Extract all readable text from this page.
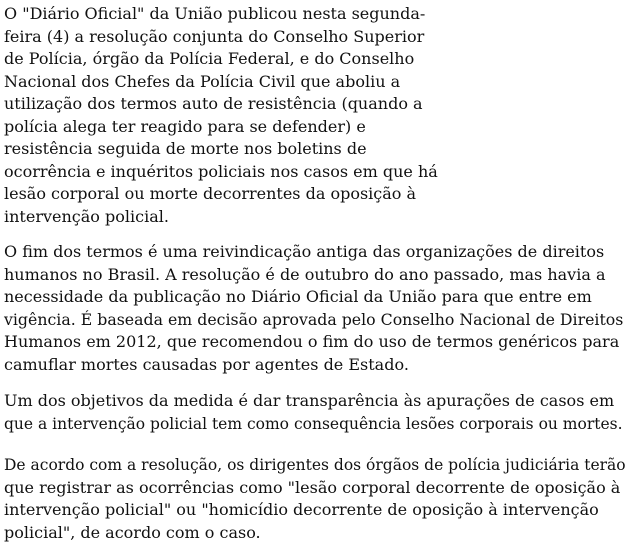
O "Diário Oficial" da União publicou nesta segunda-
feira (4) a resolução conjunta do Conselho Superior
de Polícia, órgão da Polícia Federal, e do Conselho
Nacional dos Chefes da Polícia Civil que aboliu a
utilização dos termos auto de resistência (quando a
polícia alega ter reagido para se defender) e
resistência seguida de morte nos boletins de
ocorrência e inquéritos policiais nos casos em que há
lesão corporal ou morte decorrentes da oposição à
intervenção policial.

O fim dos termos é uma reivindicação antiga das organizações de direitos
humanos no Brasil. A resolução é de outubro do ano passado, mas havia a
necessidade da publicação no Diário Oficial da União para que entre em
vigência. É baseada em decisão aprovada pelo Conselho Nacional de Direitos
Humanos em 2012, que recomendou o fim do uso de termos genéricos para
camuflar mortes causadas por agentes de Estado.

Um dos objetivos da medida é dar transparência às apurações de casos em
que a intervenção policial tem como consequência lesões corporais ou mortes.

De acordo com a resolução, os dirigentes dos órgãos de polícia judiciária terão
que registrar as ocorrências como "lesão corporal decorrente de oposição à
intervenção policial" ou "homicídio decorrente de oposição à intervenção
policial", de acordo com o caso.
